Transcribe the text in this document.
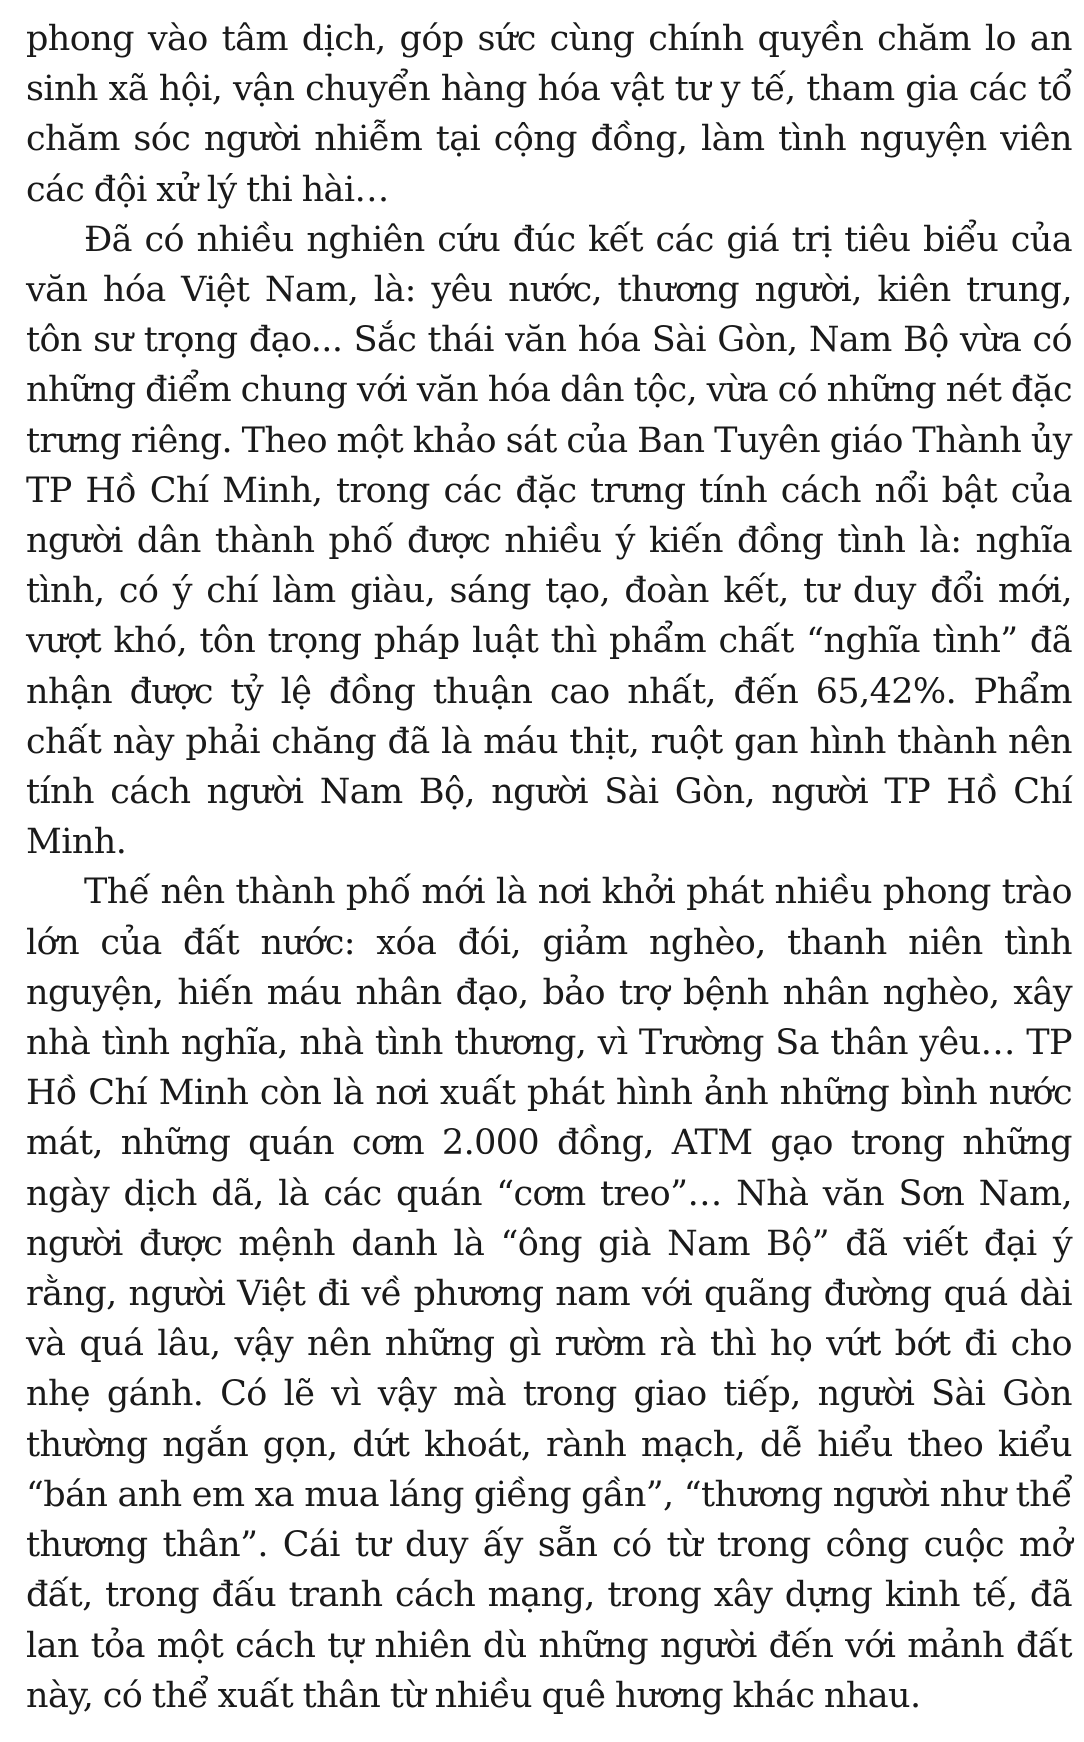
phong vào tâm dịch, góp sức cùng chính quyền chăm lo an sinh xã hội, vận chuyển hàng hóa vật tư y tế, tham gia các tổ chăm sóc người nhiễm tại cộng đồng, làm tình nguyện viên các đội xử lý thi hài…

Đã có nhiều nghiên cứu đúc kết các giá trị tiêu biểu của văn hóa Việt Nam, là: yêu nước, thương người, kiên trung, tôn sư trọng đạo... Sắc thái văn hóa Sài Gòn, Nam Bộ vừa có những điểm chung với văn hóa dân tộc, vừa có những nét đặc trưng riêng. Theo một khảo sát của Ban Tuyên giáo Thành ủy TP Hồ Chí Minh, trong các đặc trưng tính cách nổi bật của người dân thành phố được nhiều ý kiến đồng tình là: nghĩa tình, có ý chí làm giàu, sáng tạo, đoàn kết, tư duy đổi mới, vượt khó, tôn trọng pháp luật thì phẩm chất “nghĩa tình” đã nhận được tỷ lệ đồng thuận cao nhất, đến 65,42%. Phẩm chất này phải chăng đã là máu thịt, ruột gan hình thành nên tính cách người Nam Bộ, người Sài Gòn, người TP Hồ Chí Minh.

Thế nên thành phố mới là nơi khởi phát nhiều phong trào lớn của đất nước: xóa đói, giảm nghèo, thanh niên tình nguyện, hiến máu nhân đạo, bảo trợ bệnh nhân nghèo, xây nhà tình nghĩa, nhà tình thương, vì Trường Sa thân yêu… TP Hồ Chí Minh còn là nơi xuất phát hình ảnh những bình nước mát, những quán cơm 2.000 đồng, ATM gạo trong những ngày dịch dã, là các quán “cơm treo”… Nhà văn Sơn Nam, người được mệnh danh là “ông già Nam Bộ” đã viết đại ý rằng, người Việt đi về phương nam với quãng đường quá dài và quá lâu, vậy nên những gì rườm rà thì họ vứt bớt đi cho nhẹ gánh. Có lẽ vì vậy mà trong giao tiếp, người Sài Gòn thường ngắn gọn, dứt khoát, rành mạch, dễ hiểu theo kiểu “bán anh em xa mua láng giềng gần”, “thương người như thể thương thân”. Cái tư duy ấy sẵn có từ trong công cuộc mở đất, trong đấu tranh cách mạng, trong xây dựng kinh tế, đã lan tỏa một cách tự nhiên dù những người đến với mảnh đất này, có thể xuất thân từ nhiều quê hương khác nhau.
